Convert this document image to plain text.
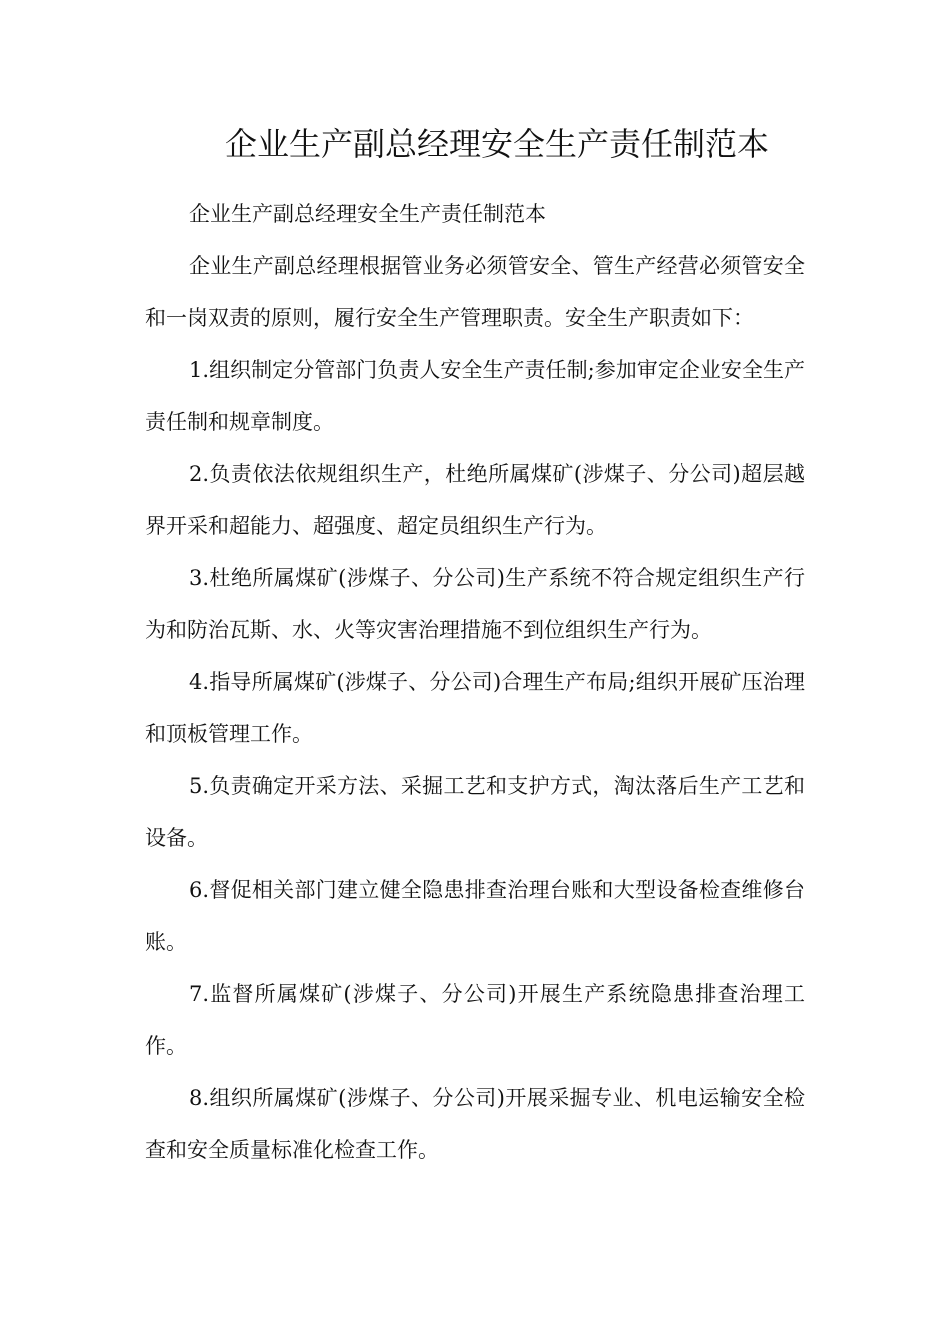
企业生产副总经理安全生产责任制范本

企业生产副总经理安全生产责任制范本

企业生产副总经理根据管业务必须管安全、管生产经营必须管安全和一岗双责的原则，履行安全生产管理职责。安全生产职责如下：

1.组织制定分管部门负责人安全生产责任制;参加审定企业安全生产责任制和规章制度。

2.负责依法依规组织生产，杜绝所属煤矿(涉煤子、分公司)超层越界开采和超能力、超强度、超定员组织生产行为。

3.杜绝所属煤矿(涉煤子、分公司)生产系统不符合规定组织生产行为和防治瓦斯、水、火等灾害治理措施不到位组织生产行为。

4.指导所属煤矿(涉煤子、分公司)合理生产布局;组织开展矿压治理和顶板管理工作。

5.负责确定开采方法、采掘工艺和支护方式，淘汰落后生产工艺和设备。

6.督促相关部门建立健全隐患排查治理台账和大型设备检查维修台账。

7.监督所属煤矿(涉煤子、分公司)开展生产系统隐患排查治理工作。

8.组织所属煤矿(涉煤子、分公司)开展采掘专业、机电运输安全检查和安全质量标准化检查工作。
